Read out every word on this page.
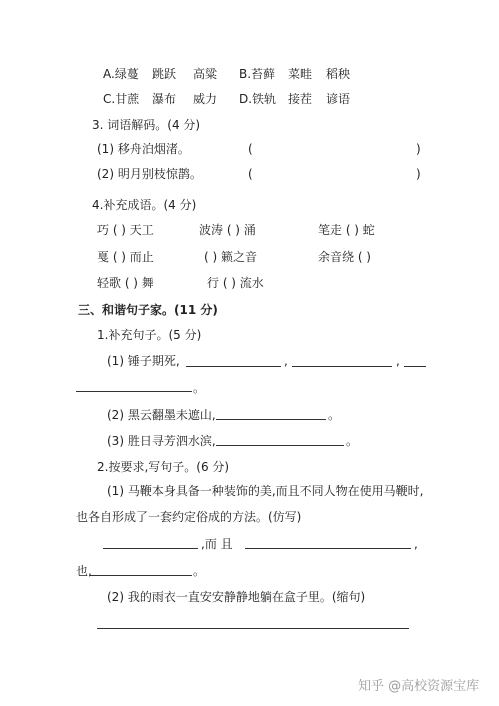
A.绿蔓 跳跃 高粱 B.苔藓 菜畦 稻秧
C.甘蔗 瀑布 威力 D.铁轨 接茬 谚语
3. 词语解码。(4 分)
(1) 移舟泊烟渚。	(	)
(2) 明月别枝惊鹊。	(	)
4.补充成语。(4 分)
巧 ( ) 天工	波涛 ( ) 涌	笔走 ( ) 蛇
戛 ( ) 而止	( ) 籁之音	余音绕 ( )
轻歌 ( ) 舞	行 ( ) 流水
三、和谐句子家。(11 分)
1.补充句子。(5 分)
(1) 锤子期死,	,	,
。
(2) 黑云翻墨未遮山,	。
(3) 胜日寻芳泗水滨,	。
2.按要求,写句子。(6 分)
(1) 马鞭本身具备一种装饰的美,而且不同人物在使用马鞭时,
也各自形成了一套约定俗成的方法。(仿写)
,而 且	,
也,	。
(2) 我的雨衣一直安安静静地躺在盒子里。(缩句)
知乎 @高校资源宝库
